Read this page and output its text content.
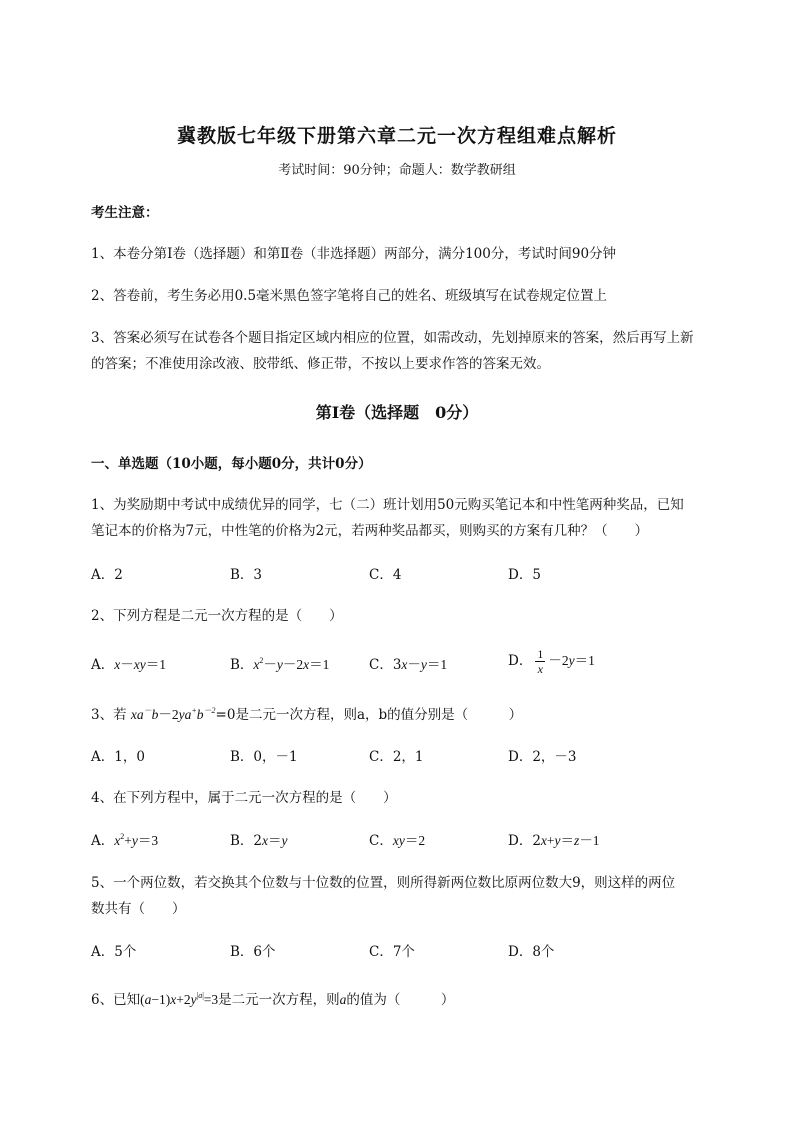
冀教版七年级下册第六章二元一次方程组难点解析
考试时间：90分钟；命题人：数学教研组
考生注意：
1、本卷分第I卷（选择题）和第Ⅱ卷（非选择题）两部分，满分100分，考试时间90分钟
2、答卷前，考生务必用0.5毫米黑色签字笔将自己的姓名、班级填写在试卷规定位置上
3、答案必须写在试卷各个题目指定区域内相应的位置，如需改动，先划掉原来的答案，然后再写上新
的答案；不准使用涂改液、胶带纸、修正带，不按以上要求作答的答案无效。
第I卷（选择题　0分）
一、单选题（10小题，每小题0分，共计0分）
1、为奖励期中考试中成绩优异的同学，七（二）班计划用50元购买笔记本和中性笔两种奖品，已知
笔记本的价格为7元，中性笔的价格为2元，若两种奖品都买，则购买的方案有几种？（　　）
A．2	B．3	C．4	D．5
2、下列方程是二元一次方程的是（　　）
A．x－xy＝1	B．$x^2-y-2x=1$	C．3x－y＝1	D． $\frac{1}{x} -2y=1$
3、若 $xa^-b-2ya^+b^{-2}=0$是二元一次方程，则a，b的值分别是（　　　）
A．1，0	B．0，－1	C．2，1	D．2，－3
4、在下列方程中，属于二元一次方程的是（　　）
A．$x^2+y=3$	B．2x＝y	C．xy＝2	D．2x+y＝z－1
5、一个两位数，若交换其个位数与十位数的位置，则所得新两位数比原两位数大9，则这样的两位
数共有（　　）
A．5个	B．6个	C．7个	D．8个
6、已知$(a-1)x+2y^{|a|}=3$是二元一次方程，则a的值为（　　　）
